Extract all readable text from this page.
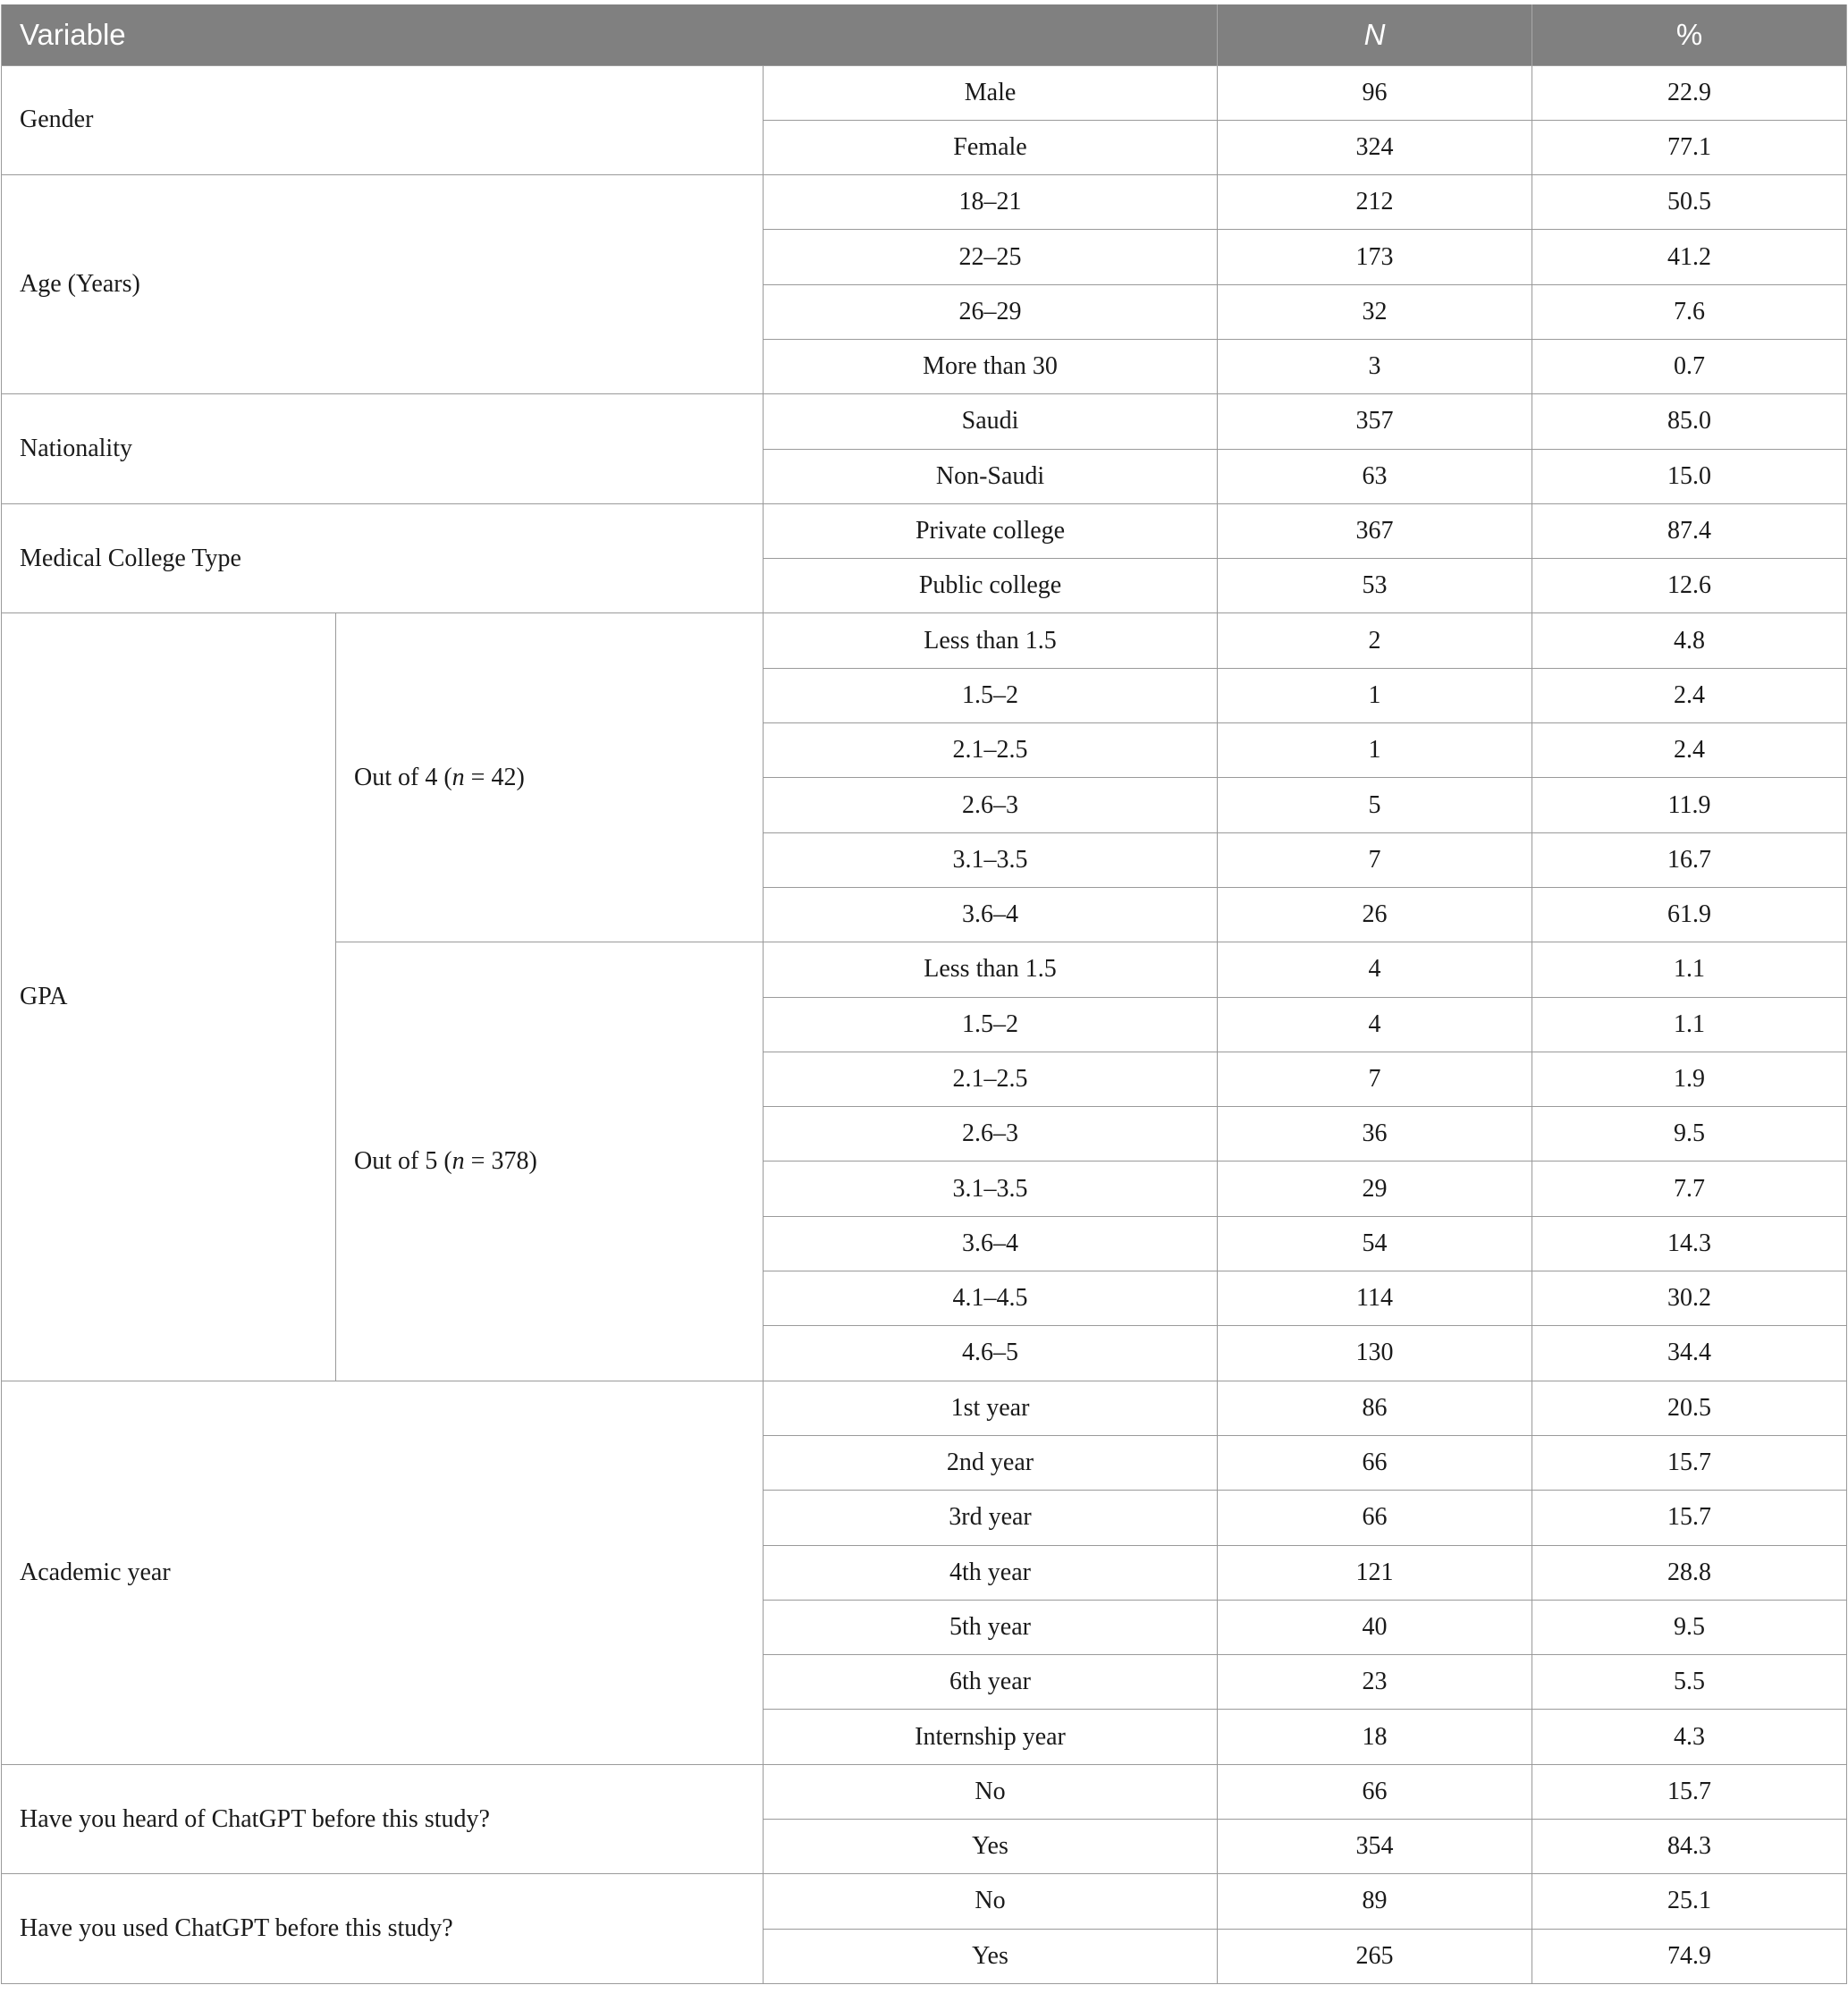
Variable			N	%
Gender		Male	96	22.9
		Female	324	77.1
Age (Years)		18–21	212	50.5
		22–25	173	41.2
		26–29	32	7.6
		More than 30	3	0.7
Nationality		Saudi	357	85.0
		Non-Saudi	63	15.0
Medical College Type		Private college	367	87.4
		Public college	53	12.6
GPA	Out of 4 (n = 42)	Less than 1.5	2	4.8
		1.5–2	1	2.4
		2.1–2.5	1	2.4
		2.6–3	5	11.9
		3.1–3.5	7	16.7
		3.6–4	26	61.9
	Out of 5 (n = 378)	Less than 1.5	4	1.1
		1.5–2	4	1.1
		2.1–2.5	7	1.9
		2.6–3	36	9.5
		3.1–3.5	29	7.7
		3.6–4	54	14.3
		4.1–4.5	114	30.2
		4.6–5	130	34.4
Academic year		1st year	86	20.5
		2nd year	66	15.7
		3rd year	66	15.7
		4th year	121	28.8
		5th year	40	9.5
		6th year	23	5.5
		Internship year	18	4.3
Have you heard of ChatGPT before this study?		No	66	15.7
		Yes	354	84.3
Have you used ChatGPT before this study?		No	89	25.1
		Yes	265	74.9
